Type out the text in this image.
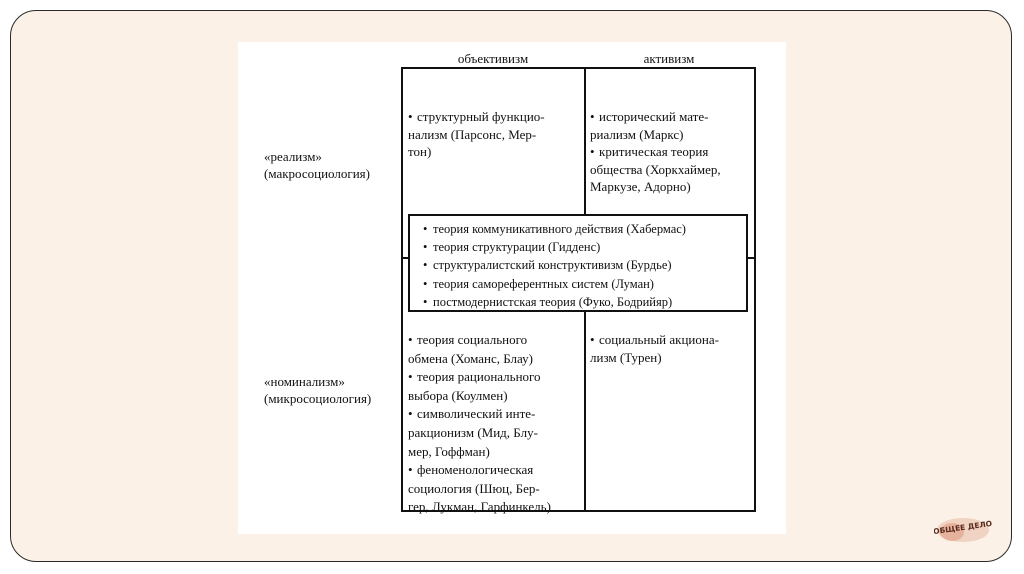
объективизм	активизм
«реализм»
(макросоциология)
«номинализм»
(микросоциология)
• структурный функцио-
нализм (Парсонс, Мер-
тон)
• исторический мате-
риализм (Маркс)
• критическая теория
общества (Хоркхаймер,
Маркузе, Адорно)
• теория коммуникативного действия (Хабермас)
• теория структурации (Гидденс)
• структуралистский конструктивизм (Бурдье)
• теория самореферентных систем (Луман)
• постмодернистская теория (Фуко, Бодрийяр)
• теория социального
обмена (Хоманс, Блау)
• теория рационального
выбора (Коулмен)
• символический инте-
ракционизм (Мид, Блу-
мер, Гоффман)
• феноменологическая
социология (Шюц, Бер-
гер, Лукман, Гарфинкель)
• социальный акциона-
лизм (Турен)
ОБЩЕЕ ДЕЛО
